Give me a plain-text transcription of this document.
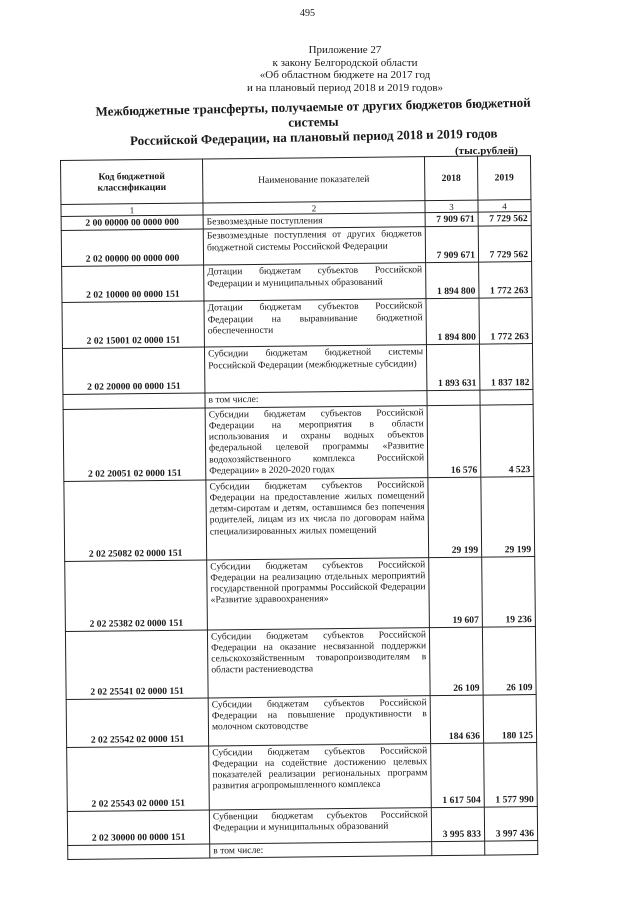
495
Приложение 27
к закону Белгородской области
«Об областном бюджете на 2017 год
и на плановый период 2018 и 2019 годов»
Межбюджетные трансферты, получаемые от других бюджетов бюджетной системы
Российской Федерации, на плановый период 2018 и 2019 годов
(тыс.рублей)
Код бюджетной классификации	Наименование показателей	2018	2019
1	2	3	4
2 00 00000 00 0000 000	Безвозмездные поступления	7 909 671	7 729 562
2 02 00000 00 0000 000	Безвозмездные поступления от других бюджетов бюджетной системы Российской Федерации	7 909 671	7 729 562
2 02 10000 00 0000 151	Дотации бюджетам субъектов Российской Федерации и муниципальных образований	1 894 800	1 772 263
2 02 15001 02 0000 151	Дотации бюджетам субъектов Российской Федерации на выравнивание бюджетной обеспеченности	1 894 800	1 772 263
2 02 20000 00 0000 151	Субсидии бюджетам бюджетной системы Российской Федерации (межбюджетные субсидии)	1 893 631	1 837 182
	в том числе:		
2 02 20051 02 0000 151	Субсидии бюджетам субъектов Российской Федерации на мероприятия в области использования и охраны водных объектов федеральной целевой программы «Развитие водохозяйственного комплекса Российской Федерации» в 2020-2020 годах	16 576	4 523
2 02 25082 02 0000 151	Субсидии бюджетам субъектов Российской Федерации на предоставление жилых помещений детям-сиротам и детям, оставшимся без попечения родителей, лицам из их числа по договорам найма специализированных жилых помещений	29 199	29 199
2 02 25382 02 0000 151	Субсидии бюджетам субъектов Российской Федерации на реализацию отдельных мероприятий государственной программы Российской Федерации «Развитие здравоохранения»	19 607	19 236
2 02 25541 02 0000 151	Субсидии бюджетам субъектов Российской Федерации на оказание несвязанной поддержки сельскохозяйственным товаропроизводителям в области растениеводства	26 109	26 109
2 02 25542 02 0000 151	Субсидии бюджетам субъектов Российской Федерации на повышение продуктивности в молочном скотоводстве	184 636	180 125
2 02 25543 02 0000 151	Субсидии бюджетам субъектов Российской Федерации на содействие достижению целевых показателей реализации региональных программ развития агропромышленного комплекса	1 617 504	1 577 990
2 02 30000 00 0000 151	Субвенции бюджетам субъектов Российской Федерации и муниципальных образований	3 995 833	3 997 436
	в том числе:		
